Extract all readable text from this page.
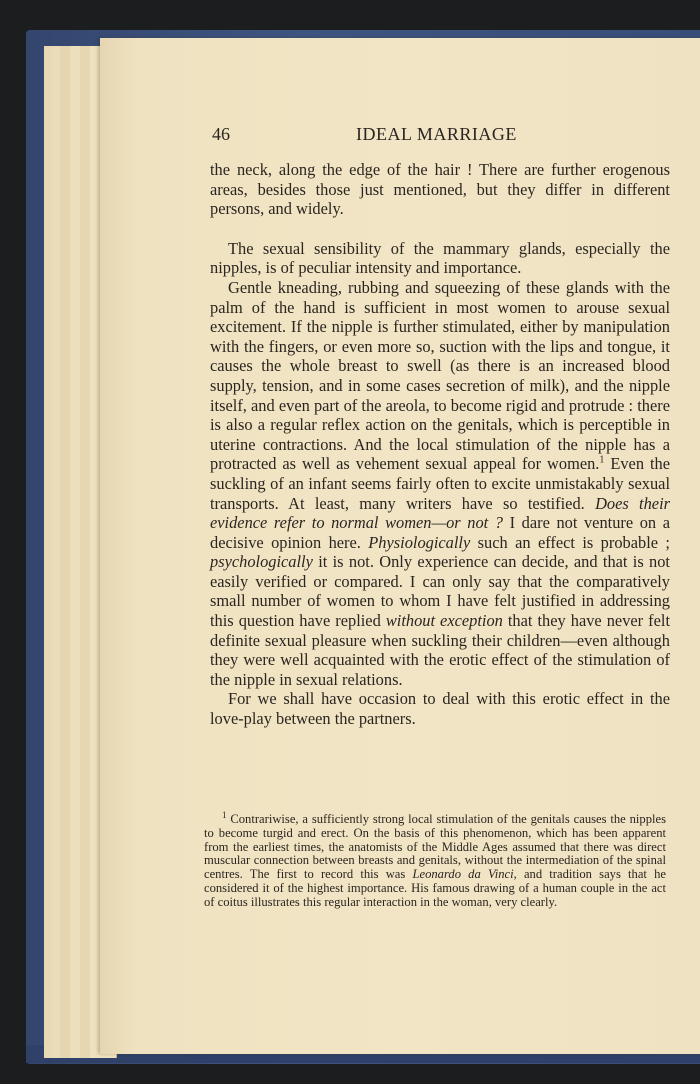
46	IDEAL MARRIAGE

the neck, along the edge of the hair ! There are further erogenous areas, besides those just mentioned, but they differ in different persons, and widely.

The sexual sensibility of the mammary glands, especially the nipples, is of peculiar intensity and importance.

Gentle kneading, rubbing and squeezing of these glands with the palm of the hand is sufficient in most women to arouse sexual excitement. If the nipple is further stimulated, either by manipulation with the fingers, or even more so, suction with the lips and tongue, it causes the whole breast to swell (as there is an increased blood supply, tension, and in some cases secretion of milk), and the nipple itself, and even part of the areola, to become rigid and protrude : there is also a regular reflex action on the genitals, which is perceptible in uterine contractions. And the local stimulation of the nipple has a protracted as well as vehement sexual appeal for women.$^1$ Even the suckling of an infant seems fairly often to excite unmistakably sexual transports. At least, many writers have so testified. Does their evidence refer to normal women—or not ? I dare not venture on a decisive opinion here. Physiologically such an effect is probable ; psychologically it is not. Only experience can decide, and that is not easily verified or compared. I can only say that the comparatively small number of women to whom I have felt justified in addressing this question have replied without exception that they have never felt definite sexual pleasure when suckling their children—even although they were well acquainted with the erotic effect of the stimulation of the nipple in sexual relations.

For we shall have occasion to deal with this erotic effect in the love-play between the partners.

$^1$ Contrariwise, a sufficiently strong local stimulation of the genitals causes the nipples to become turgid and erect. On the basis of this phenomenon, which has been apparent from the earliest times, the anatomists of the Middle Ages assumed that there was direct muscular connection between breasts and genitals, without the intermediation of the spinal centres. The first to record this was Leonardo da Vinci, and tradition says that he considered it of the highest importance. His famous drawing of a human couple in the act of coitus illustrates this regular interaction in the woman, very clearly.
